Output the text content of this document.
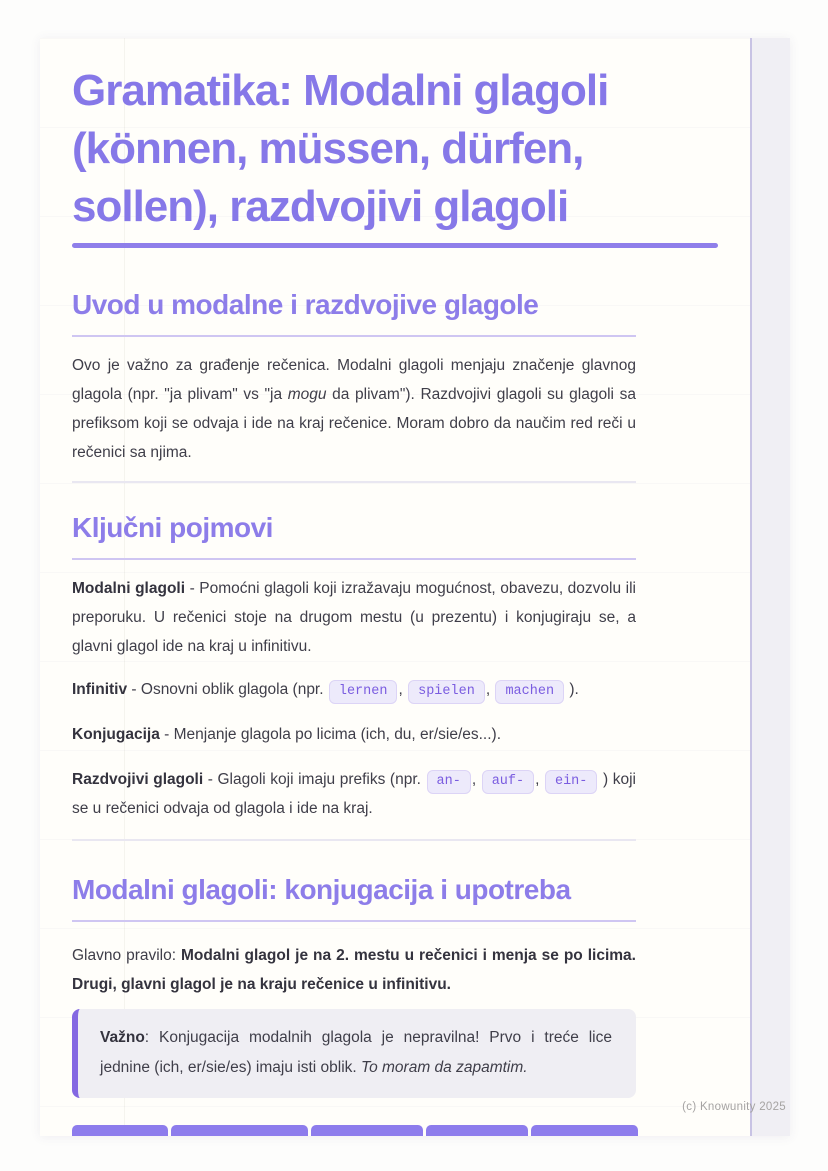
Gramatika: Modalni glagoli (können, müssen, dürfen, sollen), razdvojivi glagoli
Uvod u modalne i razdvojive glagole

Ovo je važno za građenje rečenica. Modalni glagoli menjaju značenje glavnog glagola (npr. "ja plivam" vs "ja mogu da plivam"). Razdvojivi glagoli su glagoli sa prefiksom koji se odvaja i ide na kraj rečenice. Moram dobro da naučim red reči u rečenici sa njima.

Ključni pojmovi

Modalni glagoli - Pomoćni glagoli koji izražavaju mogućnost, obavezu, dozvolu ili preporuku. U rečenici stoje na drugom mestu (u prezentu) i konjugiraju se, a glavni glagol ide na kraj u infinitivu.

Infinitiv - Osnovni oblik glagola (npr. lernen , spielen , machen ).

Konjugacija - Menjanje glagola po licima (ich, du, er/sie/es...).

Razdvojivi glagoli - Glagoli koji imaju prefiks (npr. an- , auf- , ein- ) koji se u rečenici odvaja od glagola i ide na kraj.

Modalni glagoli: konjugacija i upotreba

Glavno pravilo: Modalni glagol je na 2. mestu u rečenici i menja se po licima. Drugi, glavni glagol je na kraju rečenice u infinitivu.

Važno: Konjugacija modalnih glagola je nepravilna! Prvo i treće lice jednine (ich, er/sie/es) imaju isti oblik. To moram da zapamtim.

(c) Knowunity 2025
